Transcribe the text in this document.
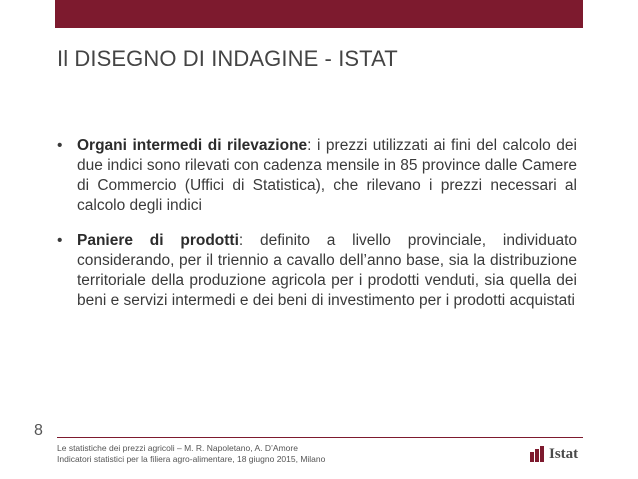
Il DISEGNO DI INDAGINE - ISTAT
• Organi intermedi di rilevazione: i prezzi utilizzati ai fini del calcolo dei due indici sono rilevati con cadenza mensile in 85 province dalle Camere di Commercio (Uffici di Statistica), che rilevano i prezzi necessari al calcolo degli indici
• Paniere di prodotti: definito a livello provinciale, individuato considerando, per il triennio a cavallo dell’anno base, sia la distribuzione territoriale della produzione agricola per i prodotti venduti, sia quella dei beni e servizi intermedi e dei beni di investimento per i prodotti acquistati
8
Le statistiche dei prezzi agricoli – M. R. Napoletano, A. D’Amore
Indicatori statistici per la filiera agro-alimentare, 18 giugno 2015, Milano	Istat
